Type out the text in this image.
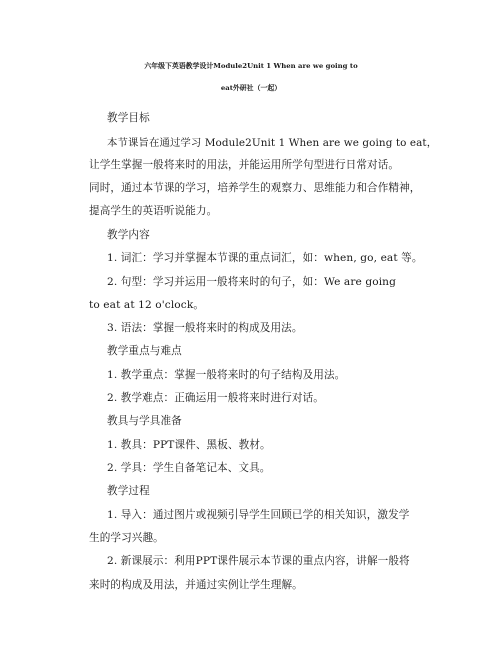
六年级下英语教学设计Module2Unit 1 When are we going to
eat外研社（一起）
教学目标
本节课旨在通过学习 Module2Unit 1 When are we going to eat，
让学生掌握一般将来时的用法，并能运用所学句型进行日常对话。
同时，通过本节课的学习，培养学生的观察力、思维能力和合作精神，
提高学生的英语听说能力。
教学内容
1. 词汇：学习并掌握本节课的重点词汇，如：when, go, eat 等。
2. 句型：学习并运用一般将来时的句子，如：We are going
to eat at 12 o'clock。
3. 语法：掌握一般将来时的构成及用法。
教学重点与难点
1. 教学重点：掌握一般将来时的句子结构及用法。
2. 教学难点：正确运用一般将来时进行对话。
教具与学具准备
1. 教具：PPT课件、黑板、教材。
2. 学具：学生自备笔记本、文具。
教学过程
1. 导入：通过图片或视频引导学生回顾已学的相关知识，激发学
生的学习兴趣。
2. 新课展示：利用PPT课件展示本节课的重点内容，讲解一般将
来时的构成及用法，并通过实例让学生理解。
